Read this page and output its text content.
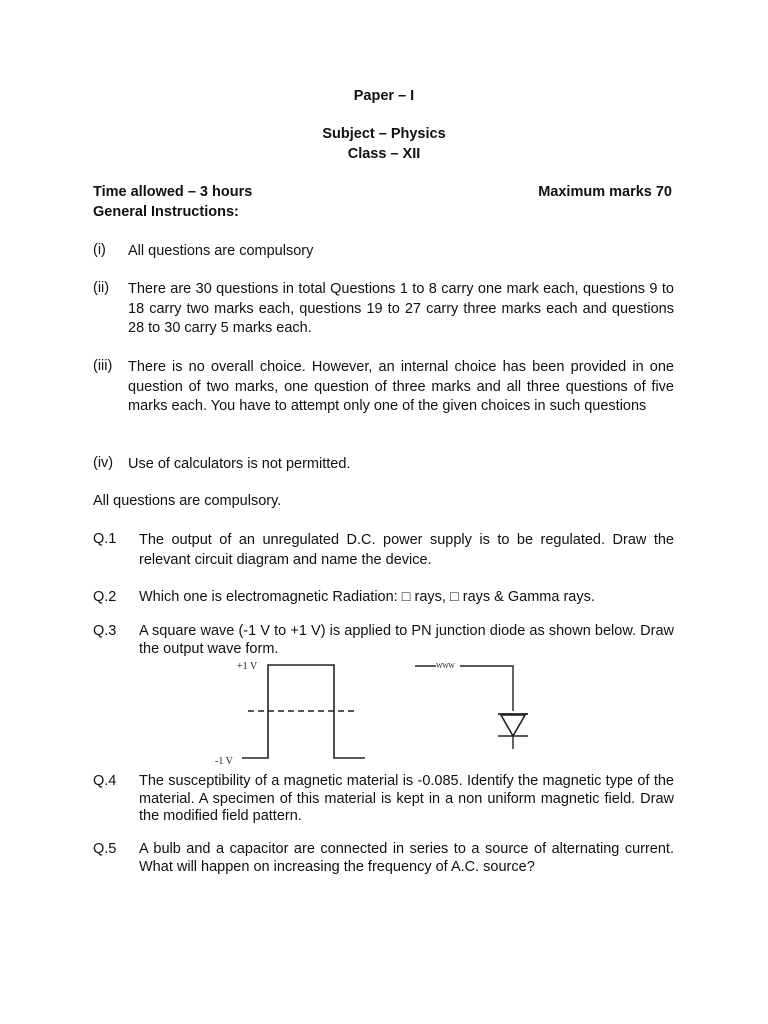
Paper – I
Subject – Physics
Class – XII
Time allowed – 3 hours	Maximum marks 70
General Instructions:
(i) All questions are compulsory
(ii) There are 30 questions in total Questions 1 to 8 carry one mark each, questions 9 to 18 carry two marks each, questions 19 to 27 carry three marks each and questions 28 to 30 carry 5 marks each.
(iii) There is no overall choice. However, an internal choice has been provided in one question of two marks, one question of three marks and all three questions of five marks each. You have to attempt only one of the given choices in such questions
(iv) Use of calculators is not permitted.
All questions are compulsory.
Q.1 The output of an unregulated D.C. power supply is to be regulated. Draw the relevant circuit diagram and name the device.
Q.2 Which one is electromagnetic Radiation: □ rays, □ rays & Gamma rays.
Q.3 A square wave (-1 V to +1 V) is applied to PN junction diode as shown below. Draw the output wave form.
Q.4 The susceptibility of a magnetic material is -0.085. Identify the magnetic type of the material. A specimen of this material is kept in a non uniform magnetic field. Draw the modified field pattern.
Q.5 A bulb and a capacitor are connected in series to a source of alternating current. What will happen on increasing the frequency of A.C. source?
+1 V
-1 V
WWW
